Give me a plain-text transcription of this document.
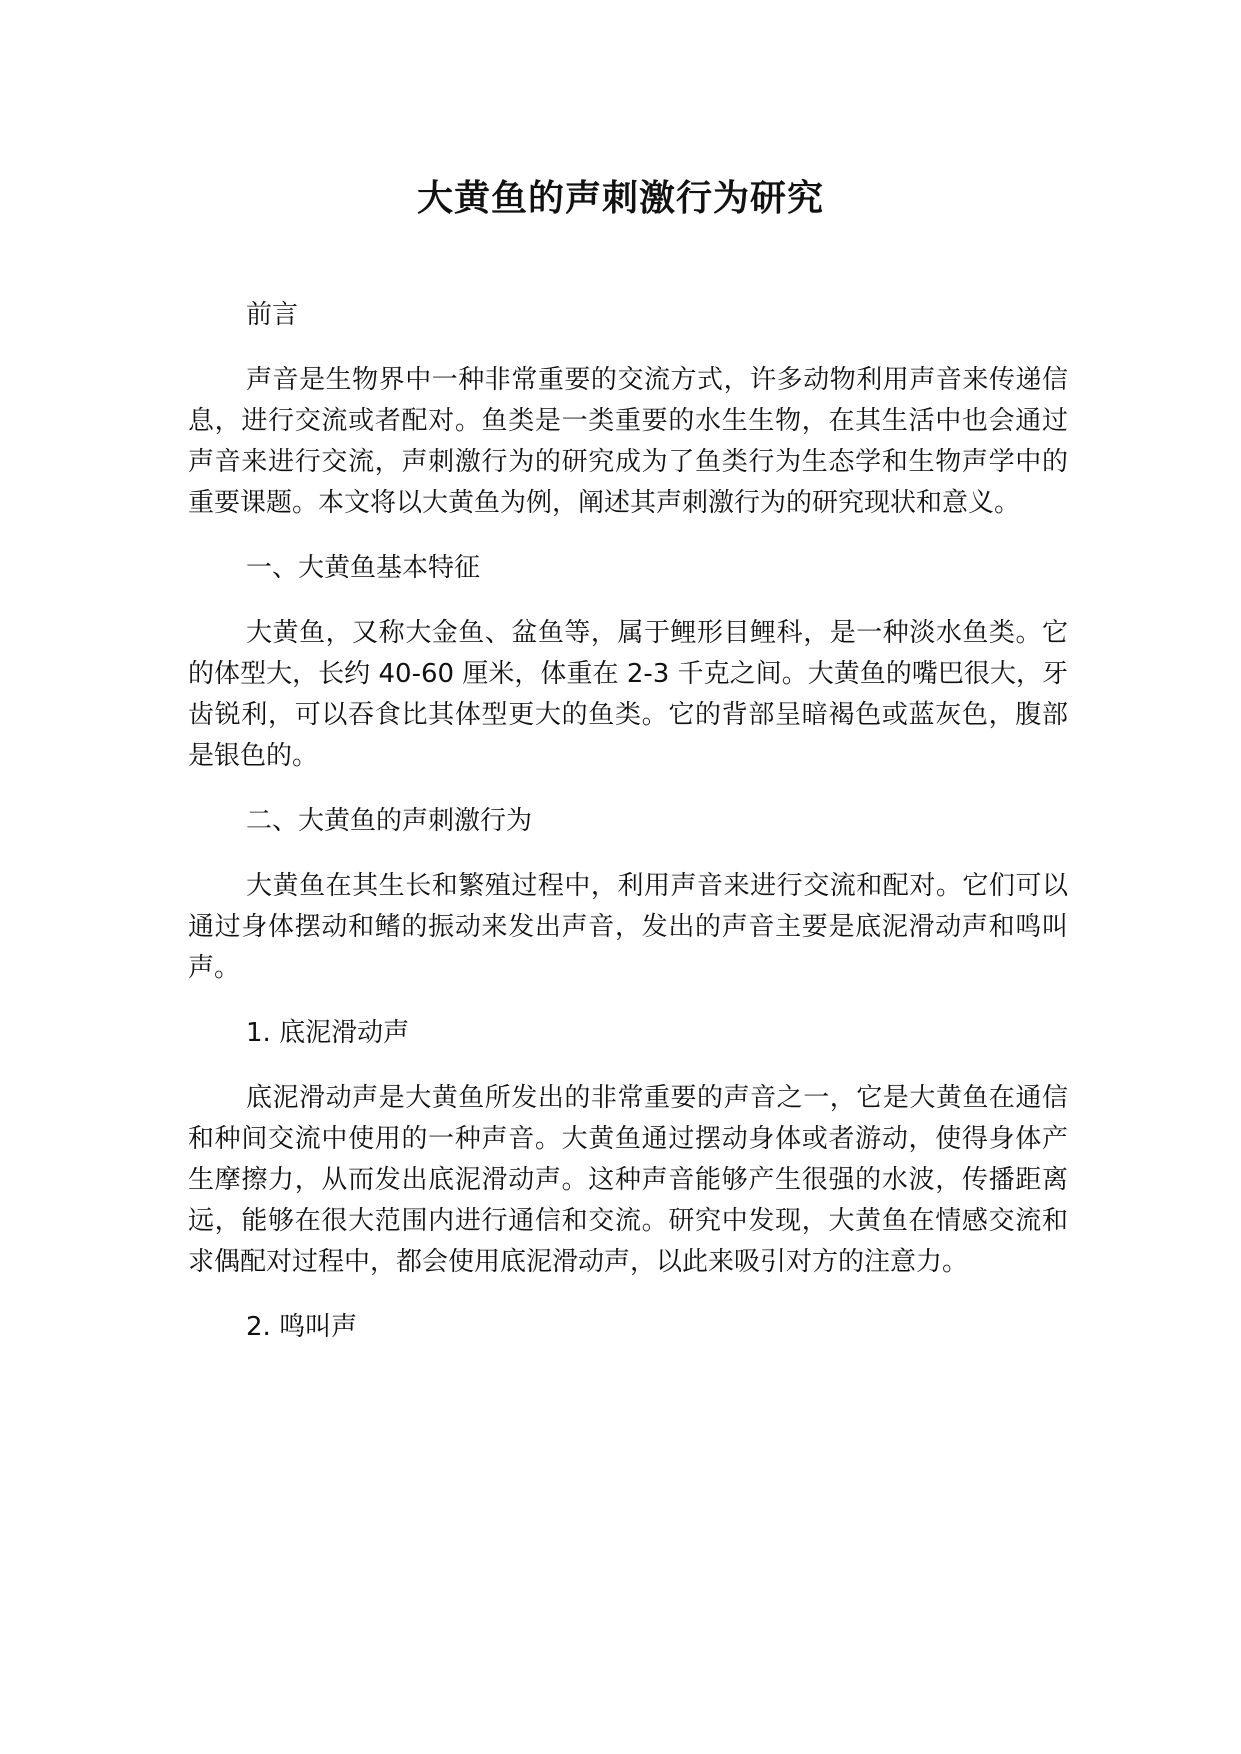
大黄鱼的声刺激行为研究

前言

声音是生物界中一种非常重要的交流方式，许多动物利用声音来传递信息，进行交流或者配对。鱼类是一类重要的水生生物，在其生活中也会通过声音来进行交流，声刺激行为的研究成为了鱼类行为生态学和生物声学中的重要课题。本文将以大黄鱼为例，阐述其声刺激行为的研究现状和意义。

一、大黄鱼基本特征

大黄鱼，又称大金鱼、盆鱼等，属于鲤形目鲤科，是一种淡水鱼类。它的体型大，长约 40-60 厘米，体重在 2-3 千克之间。大黄鱼的嘴巴很大，牙齿锐利，可以吞食比其体型更大的鱼类。它的背部呈暗褐色或蓝灰色，腹部是银色的。

二、大黄鱼的声刺激行为

大黄鱼在其生长和繁殖过程中，利用声音来进行交流和配对。它们可以通过身体摆动和鳍的振动来发出声音，发出的声音主要是底泥滑动声和鸣叫声。

1. 底泥滑动声

底泥滑动声是大黄鱼所发出的非常重要的声音之一，它是大黄鱼在通信和种间交流中使用的一种声音。大黄鱼通过摆动身体或者游动，使得身体产生摩擦力，从而发出底泥滑动声。这种声音能够产生很强的水波，传播距离远，能够在很大范围内进行通信和交流。研究中发现，大黄鱼在情感交流和求偶配对过程中，都会使用底泥滑动声，以此来吸引对方的注意力。

2. 鸣叫声
